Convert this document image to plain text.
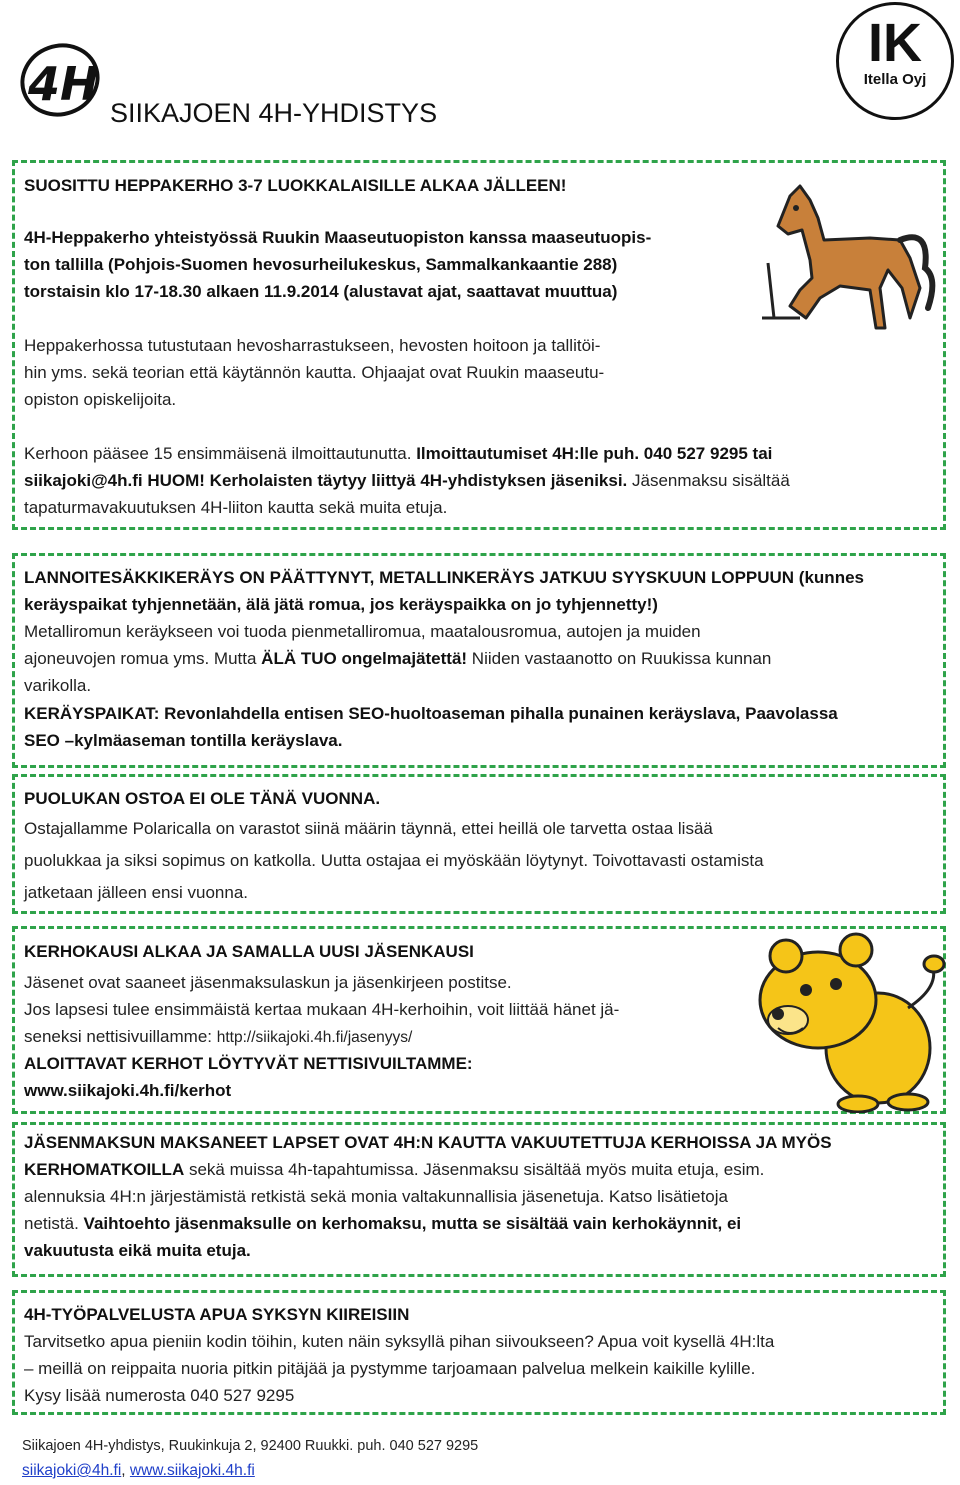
4H
SIIKAJOEN 4H-YHDISTYS
IK
Itella Oyj
SUOSITTU HEPPAKERHO 3-7 LUOKKALAISILLE ALKAA JÄLLEEN!
4H-Heppakerho yhteistyössä Ruukin Maaseutuopiston kanssa maaseutuopis-
ton tallilla (Pohjois-Suomen hevosurheilukeskus, Sammalkankaantie 288)
torstaisin klo 17-18.30 alkaen 11.9.2014 (alustavat ajat, saattavat muuttua)
Heppakerhossa tutustutaan hevosharrastukseen, hevosten hoitoon ja tallitöi-
hin yms. sekä teorian että käytännön kautta. Ohjaajat ovat Ruukin maaseutu-
opiston opiskelijoita.
Kerhoon pääsee 15 ensimmäisenä ilmoittautunutta. Ilmoittautumiset 4H:lle puh. 040 527 9295 tai
siikajoki@4h.fi HUOM! Kerholaisten täytyy liittyä 4H-yhdistyksen jäseniksi. Jäsenmaksu sisältää
tapaturmavakuutuksen 4H-liiton kautta sekä muita etuja.
LANNOITESÄKKIKERÄYS ON PÄÄTTYNYT, METALLINKERÄYS JATKUU SYYSKUUN LOPPUUN (kunnes
keräyspaikat tyhjennetään, älä jätä romua, jos keräyspaikka on jo tyhjennetty!)
Metalliromun keräykseen voi tuoda pienmetalliromua, maatalousromua, autojen ja muiden
ajoneuvojen romua yms. Mutta ÄLÄ TUO ongelmajätettä! Niiden vastaanotto on Ruukissa kunnan
varikolla.
KERÄYSPAIKAT: Revonlahdella entisen SEO-huoltoaseman pihalla punainen keräyslava, Paavolassa
SEO –kylmäaseman tontilla keräyslava.
PUOLUKAN OSTOA EI OLE TÄNÄ VUONNA.
Ostajallamme Polaricalla on varastot siinä määrin täynnä, ettei heillä ole tarvetta ostaa lisää
puolukkaa ja siksi sopimus on katkolla. Uutta ostajaa ei myöskään löytynyt. Toivottavasti ostamista
jatketaan jälleen ensi vuonna.
KERHOKAUSI ALKAA JA SAMALLA UUSI JÄSENKAUSI
Jäsenet ovat saaneet jäsenmaksulaskun ja jäsenkirjeen postitse.
Jos lapsesi tulee ensimmäistä kertaa mukaan 4H-kerhoihin, voit liittää hänet jä-
seneksi nettisivuillamme: http://siikajoki.4h.fi/jasenyys/
ALOITTAVAT KERHOT LÖYTYVÄT NETTISIVUILTAMME:
www.siikajoki.4h.fi/kerhot
JÄSENMAKSUN MAKSANEET LAPSET OVAT 4H:N KAUTTA VAKUUTETTUJA KERHOISSA JA MYÖS
KERHOMATKOILLA sekä muissa 4h-tapahtumissa. Jäsenmaksu sisältää myös muita etuja, esim.
alennuksia 4H:n järjestämistä retkistä sekä monia valtakunnallisia jäsenetuja. Katso lisätietoja
netistä. Vaihtoehto jäsenmaksulle on kerhomaksu, mutta se sisältää vain kerhokäynnit, ei
vakuutusta eikä muita etuja.
4H-TYÖPALVELUSTA APUA SYKSYN KIIREISIIN
Tarvitsetko apua pieniin kodin töihin, kuten näin syksyllä pihan siivoukseen? Apua voit kysellä 4H:lta
– meillä on reippaita nuoria pitkin pitäjää ja pystymme tarjoamaan palvelua melkein kaikille kylille.
Kysy lisää numerosta 040 527 9295
Siikajoen 4H-yhdistys, Ruukinkuja 2, 92400 Ruukki. puh. 040 527 9295
siikajoki@4h.fi, www.siikajoki.4h.fi
